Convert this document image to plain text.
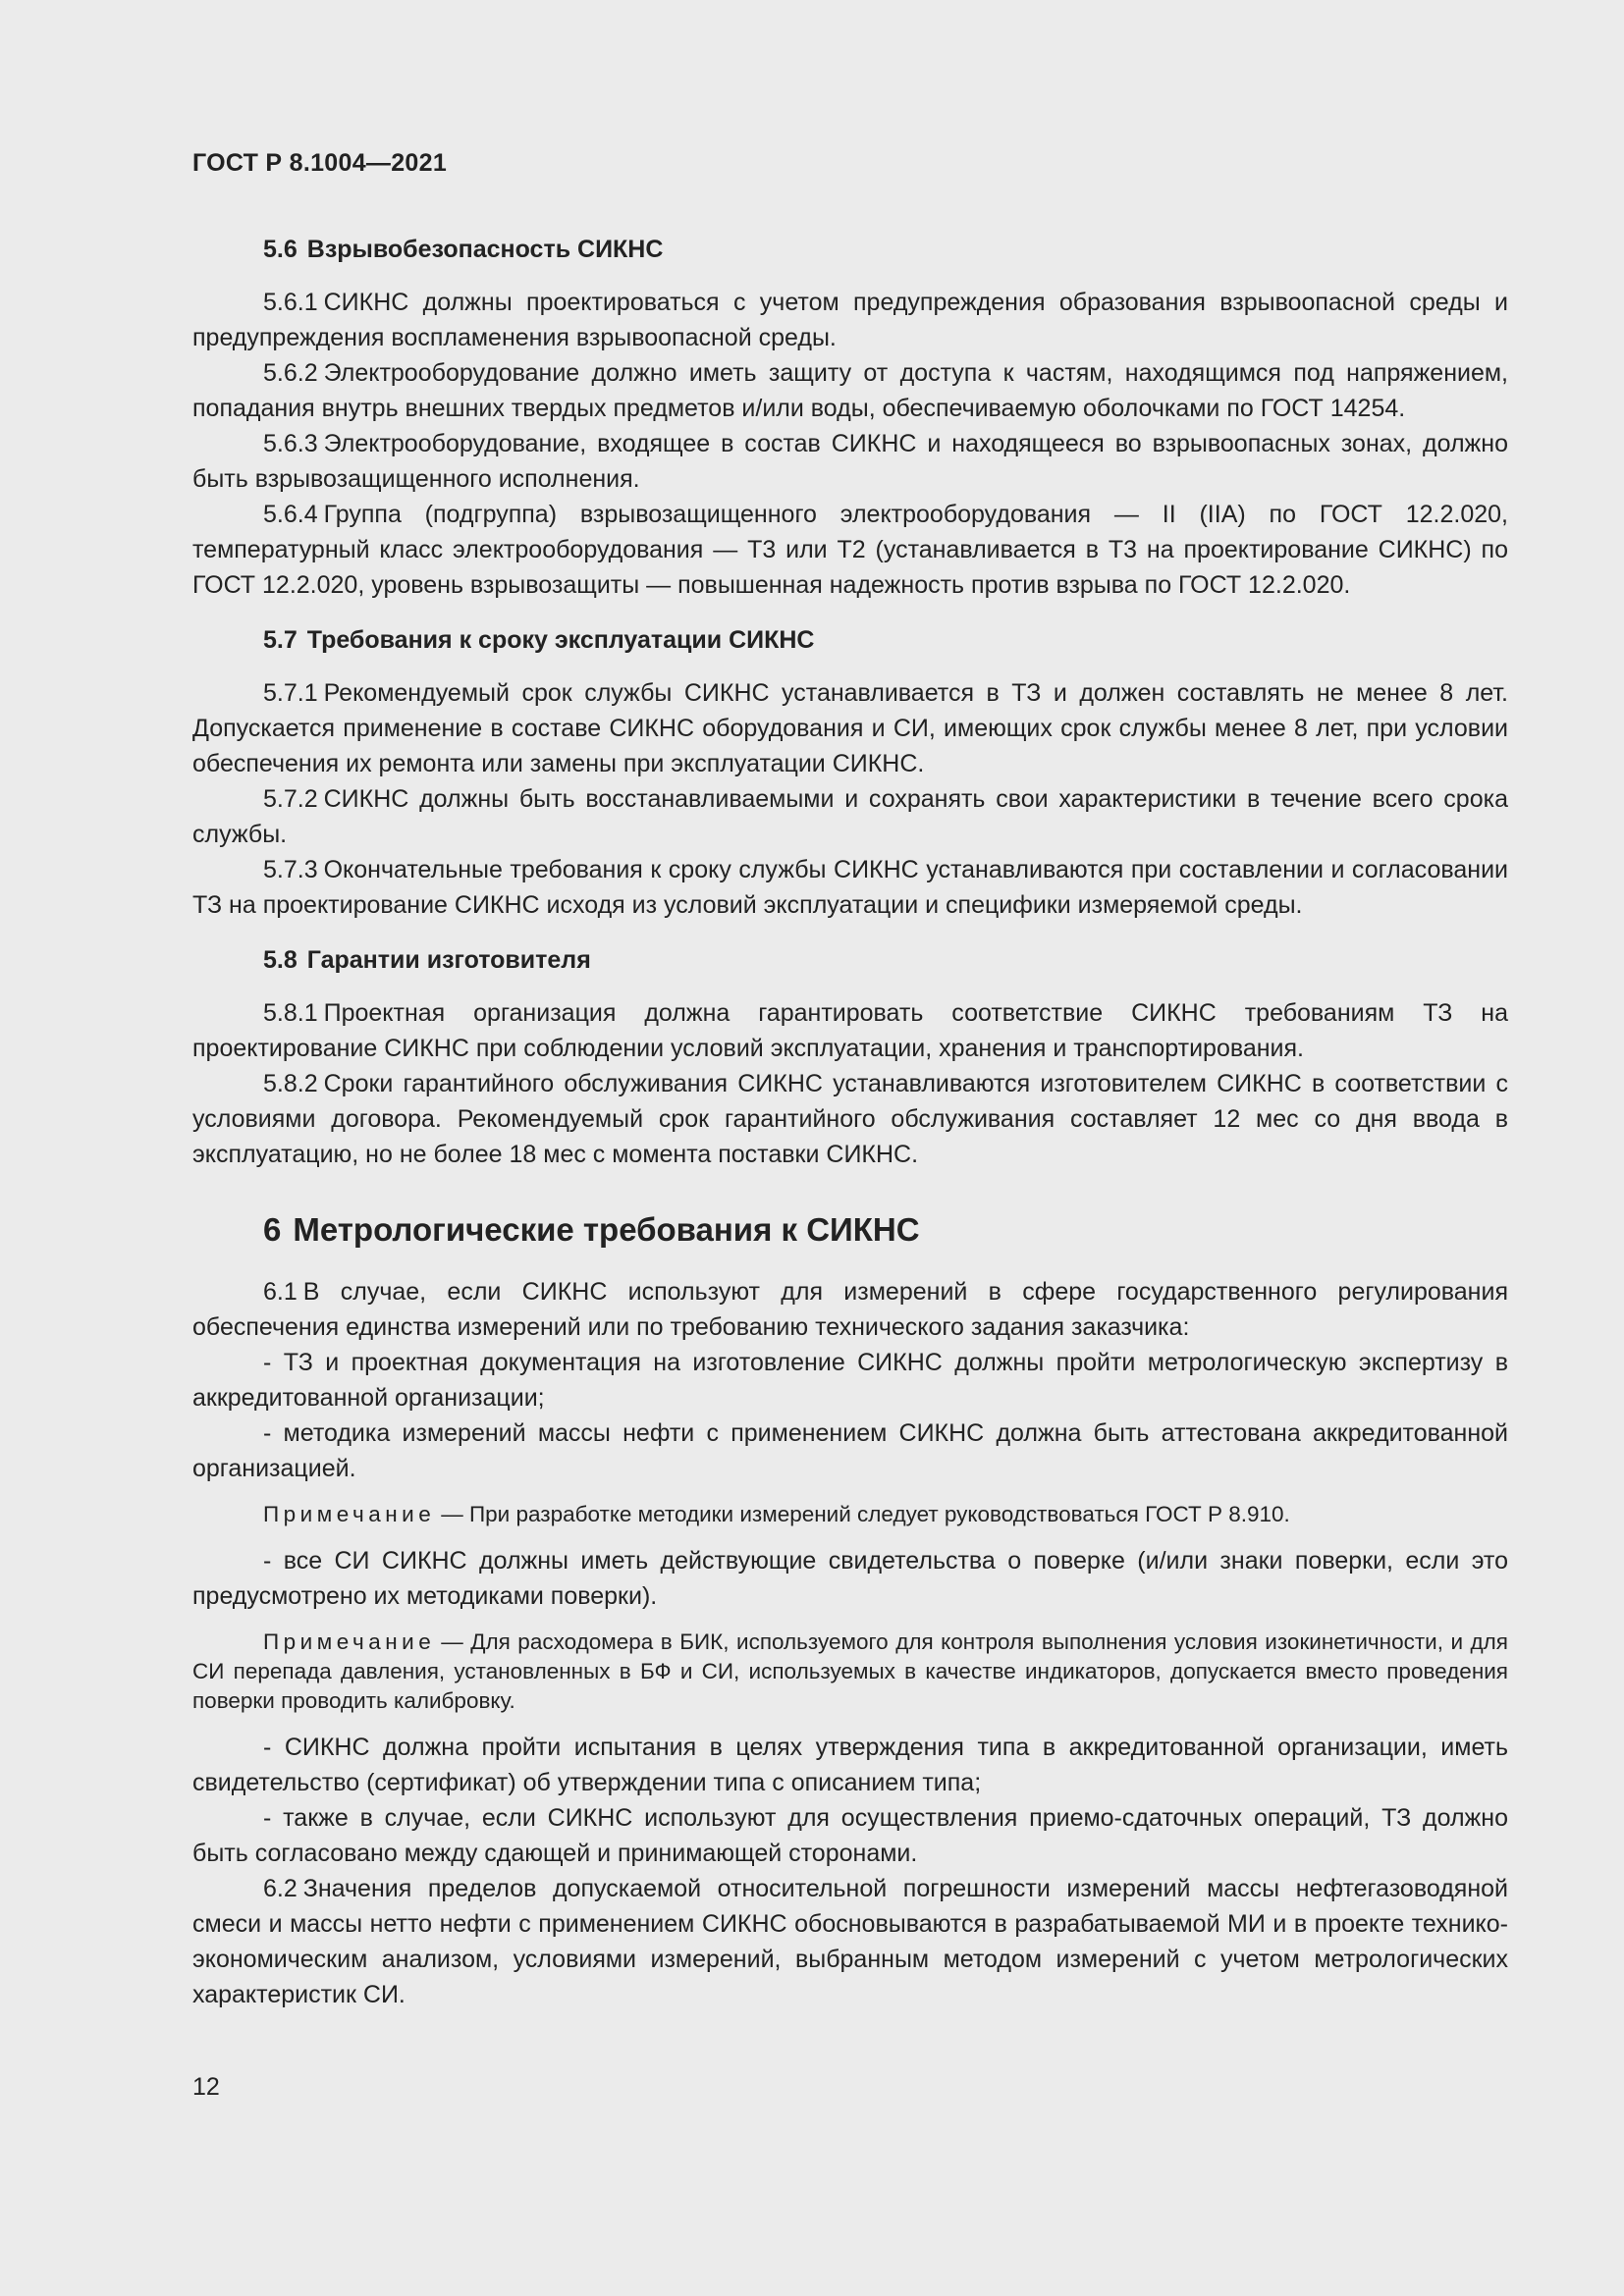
ГОСТ Р 8.1004—2021
5.6 Взрывобезопасность СИКНС

5.6.1 СИКНС должны проектироваться с учетом предупреждения образования взрывоопасной среды и предупреждения воспламенения взрывоопасной среды.

5.6.2 Электрооборудование должно иметь защиту от доступа к частям, находящимся под напряжением, попадания внутрь внешних твердых предметов и/или воды, обеспечиваемую оболочками по ГОСТ 14254.

5.6.3 Электрооборудование, входящее в состав СИКНС и находящееся во взрывоопасных зонах, должно быть взрывозащищенного исполнения.

5.6.4 Группа (подгруппа) взрывозащищенного электрооборудования — II (IIA) по ГОСТ 12.2.020, температурный класс электрооборудования — Т3 или Т2 (устанавливается в Т3 на проектирование СИКНС) по ГОСТ 12.2.020, уровень взрывозащиты — повышенная надежность против взрыва по ГОСТ 12.2.020.

5.7 Требования к сроку эксплуатации СИКНС

5.7.1 Рекомендуемый срок службы СИКНС устанавливается в ТЗ и должен составлять не менее 8 лет. Допускается применение в составе СИКНС оборудования и СИ, имеющих срок службы менее 8 лет, при условии обеспечения их ремонта или замены при эксплуатации СИКНС.

5.7.2 СИКНС должны быть восстанавливаемыми и сохранять свои характеристики в течение всего срока службы.

5.7.3 Окончательные требования к сроку службы СИКНС устанавливаются при составлении и согласовании ТЗ на проектирование СИКНС исходя из условий эксплуатации и специфики измеряемой среды.

5.8 Гарантии изготовителя

5.8.1 Проектная организация должна гарантировать соответствие СИКНС требованиям ТЗ на проектирование СИКНС при соблюдении условий эксплуатации, хранения и транспортирования.

5.8.2 Сроки гарантийного обслуживания СИКНС устанавливаются изготовителем СИКНС в соответствии с условиями договора. Рекомендуемый срок гарантийного обслуживания составляет 12 мес со дня ввода в эксплуатацию, но не более 18 мес с момента поставки СИКНС.

6 Метрологические требования к СИКНС

6.1 В случае, если СИКНС используют для измерений в сфере государственного регулирования обеспечения единства измерений или по требованию технического задания заказчика:

- ТЗ и проектная документация на изготовление СИКНС должны пройти метрологическую экспертизу в аккредитованной организации;

- методика измерений массы нефти с применением СИКНС должна быть аттестована аккредитованной организацией.

Примечание — При разработке методики измерений следует руководствоваться ГОСТ Р 8.910.

- все СИ СИКНС должны иметь действующие свидетельства о поверке (и/или знаки поверки, если это предусмотрено их методиками поверки).

Примечание — Для расходомера в БИК, используемого для контроля выполнения условия изокинетичности, и для СИ перепада давления, установленных в БФ и СИ, используемых в качестве индикаторов, допускается вместо проведения поверки проводить калибровку.

- СИКНС должна пройти испытания в целях утверждения типа в аккредитованной организации, иметь свидетельство (сертификат) об утверждении типа с описанием типа;

- также в случае, если СИКНС используют для осуществления приемо-сдаточных операций, ТЗ должно быть согласовано между сдающей и принимающей сторонами.

6.2 Значения пределов допускаемой относительной погрешности измерений массы нефтегазоводяной смеси и массы нетто нефти с применением СИКНС обосновываются в разрабатываемой МИ и в проекте технико-экономическим анализом, условиями измерений, выбранным методом измерений с учетом метрологических характеристик СИ.

12
